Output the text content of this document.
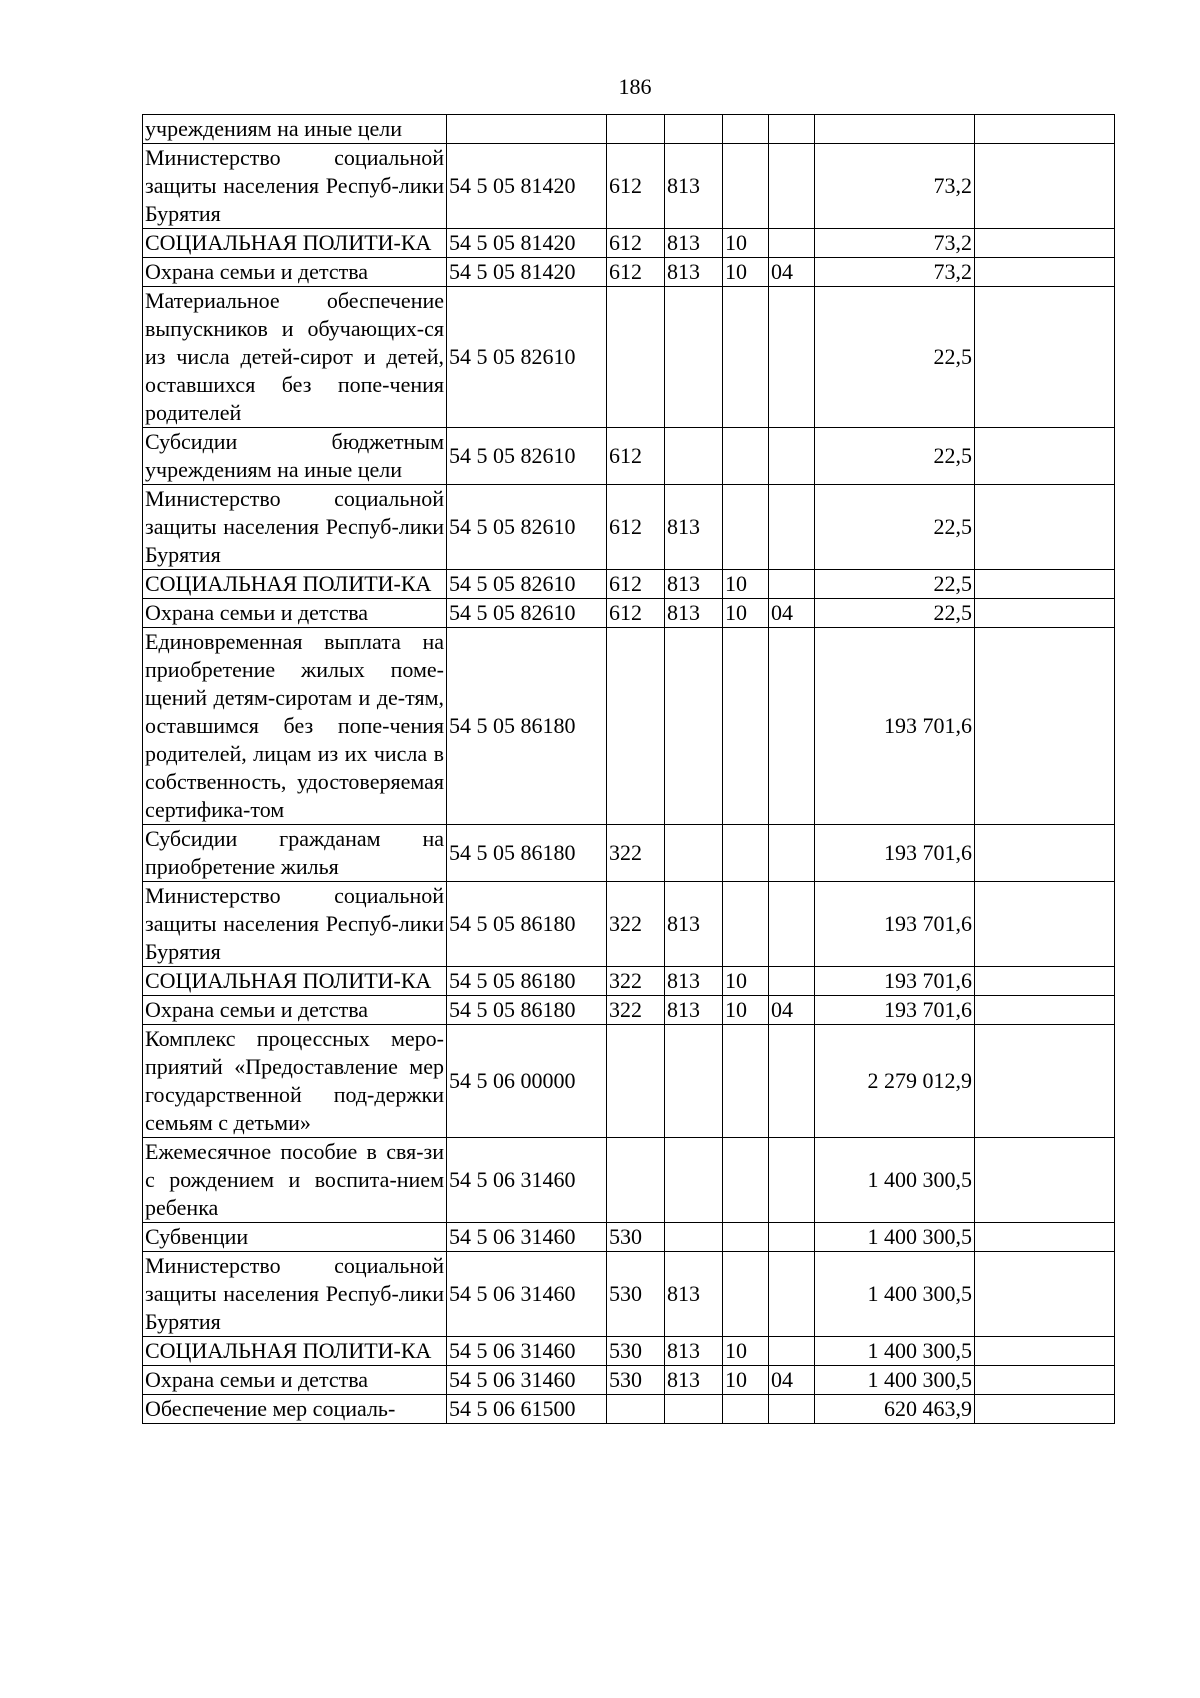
186
учреждениям на иные цели							
Министерство социальной защиты населения Респуб-лики Бурятия	54 5 05 81420	612	813			73,2	
СОЦИАЛЬНАЯ ПОЛИТИ-КА	54 5 05 81420	612	813	10		73,2	
Охрана семьи и детства	54 5 05 81420	612	813	10	04	73,2	
Материальное обеспечение выпускников и обучающих-ся из числа детей-сирот и детей, оставшихся без попе-чения родителей	54 5 05 82610					22,5	
Субсидии бюджетным учреждениям на иные цели	54 5 05 82610	612				22,5	
Министерство социальной защиты населения Респуб-лики Бурятия	54 5 05 82610	612	813			22,5	
СОЦИАЛЬНАЯ ПОЛИТИ-КА	54 5 05 82610	612	813	10		22,5	
Охрана семьи и детства	54 5 05 82610	612	813	10	04	22,5	
Единовременная выплата на приобретение жилых поме-щений детям-сиротам и де-тям, оставшимся без попе-чения родителей, лицам из их числа в собственность, удостоверяемая сертифика-том	54 5 05 86180					193 701,6	
Субсидии гражданам на приобретение жилья	54 5 05 86180	322				193 701,6	
Министерство социальной защиты населения Респуб-лики Бурятия	54 5 05 86180	322	813			193 701,6	
СОЦИАЛЬНАЯ ПОЛИТИ-КА	54 5 05 86180	322	813	10		193 701,6	
Охрана семьи и детства	54 5 05 86180	322	813	10	04	193 701,6	
Комплекс процессных меро-приятий «Предоставление мер государственной под-держки семьям с детьми»	54 5 06 00000					2 279 012,9	
Ежемесячное пособие в свя-зи с рождением и воспита-нием ребенка	54 5 06 31460					1 400 300,5	
Субвенции	54 5 06 31460	530				1 400 300,5	
Министерство социальной защиты населения Респуб-лики Бурятия	54 5 06 31460	530	813			1 400 300,5	
СОЦИАЛЬНАЯ ПОЛИТИ-КА	54 5 06 31460	530	813	10		1 400 300,5	
Охрана семьи и детства	54 5 06 31460	530	813	10	04	1 400 300,5	
Обеспечение мер социаль-	54 5 06 61500					620 463,9	
